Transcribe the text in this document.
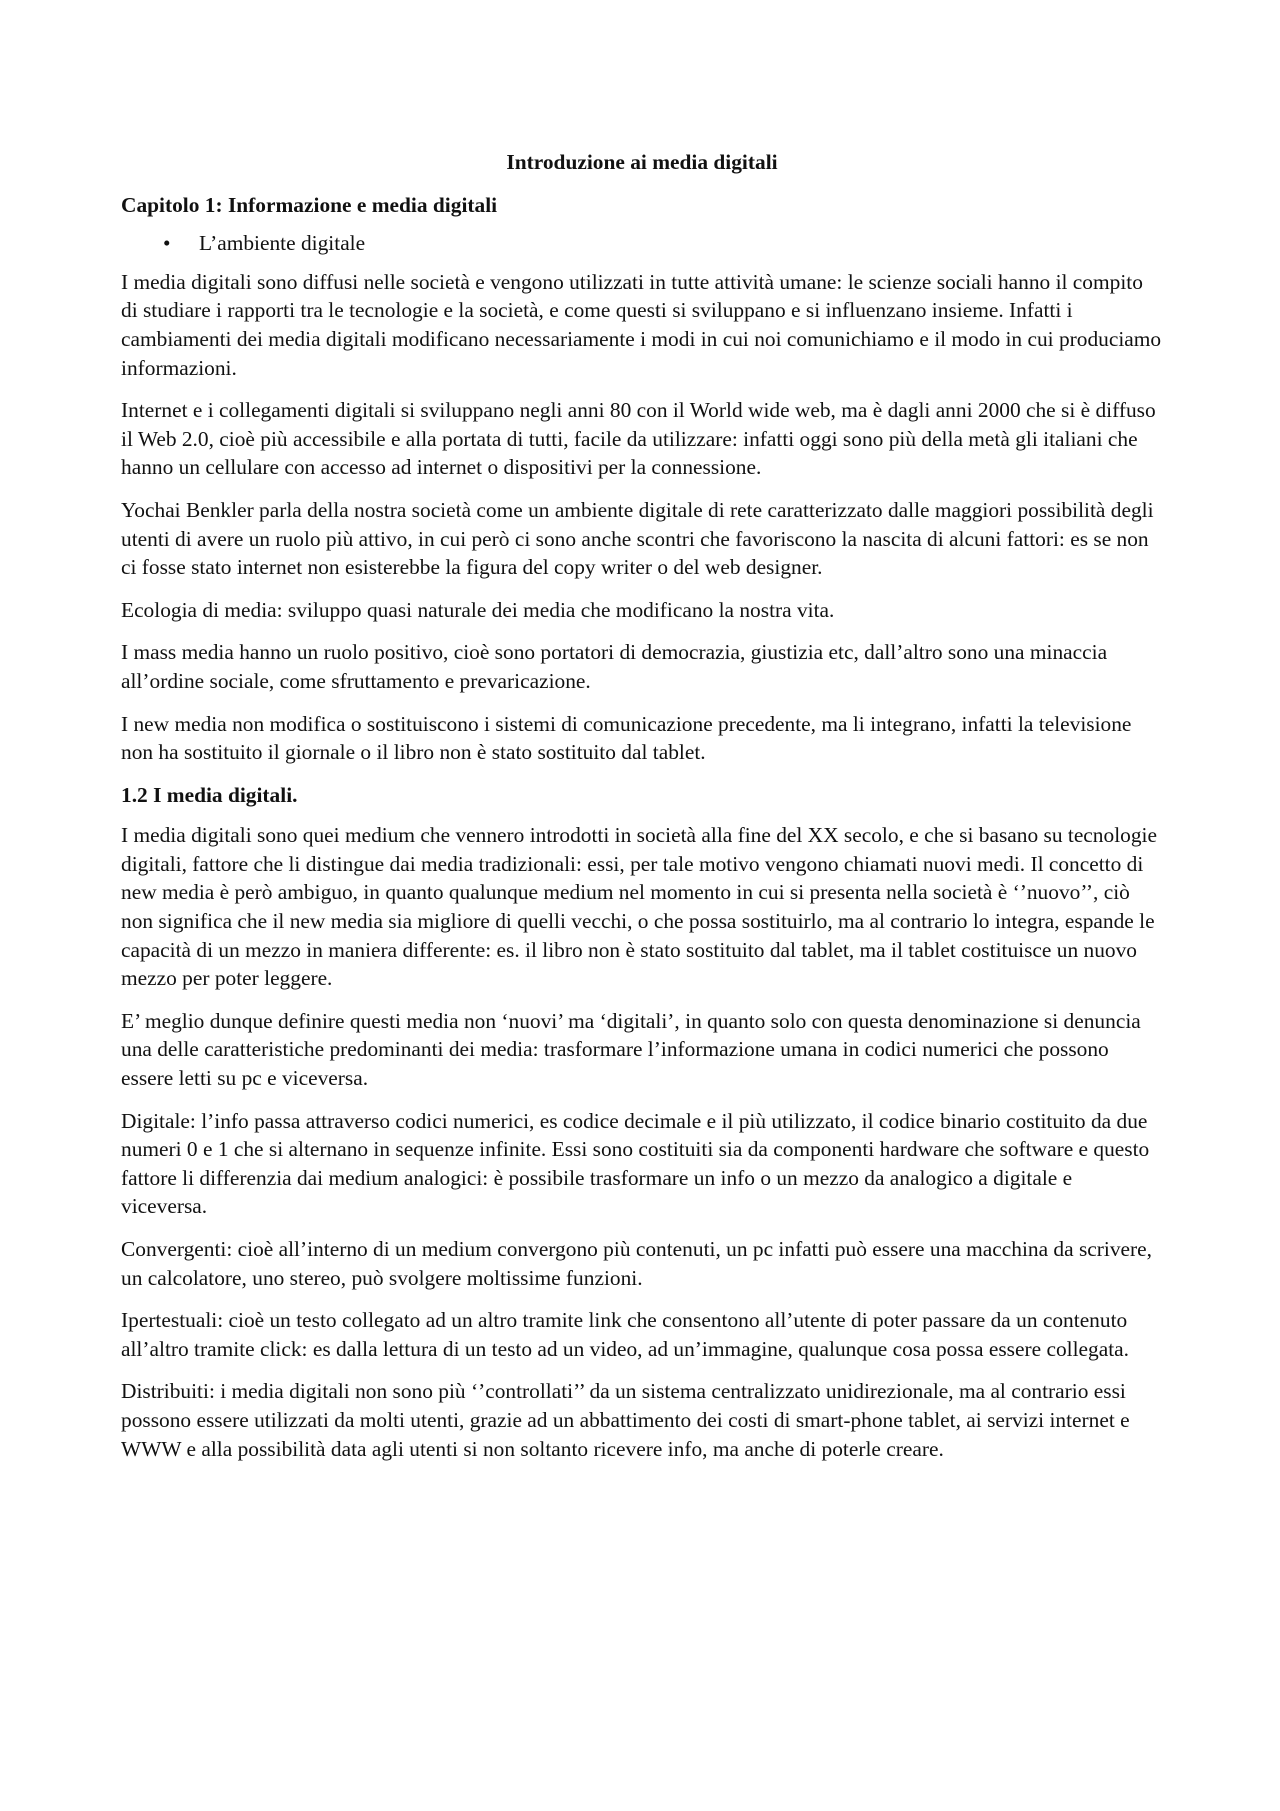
Introduzione ai media digitali

Capitolo 1: Informazione e media digitali

• L’ambiente digitale

I media digitali sono diffusi nelle società e vengono utilizzati in tutte attività umane: le scienze sociali hanno il compito di studiare i rapporti tra le tecnologie e la società, e come questi si sviluppano e si influenzano insieme. Infatti i cambiamenti dei media digitali modificano necessariamente i modi in cui noi comunichiamo e il modo in cui produciamo informazioni.

Internet e i collegamenti digitali si sviluppano negli anni 80 con il World wide web, ma è dagli anni 2000 che si è diffuso il Web 2.0, cioè più accessibile e alla portata di tutti, facile da utilizzare: infatti oggi sono più della metà gli italiani che hanno un cellulare con accesso ad internet o dispositivi per la connessione.

Yochai Benkler parla della nostra società come un ambiente digitale di rete caratterizzato dalle maggiori possibilità degli utenti di avere un ruolo più attivo, in cui però ci sono anche scontri che favoriscono la nascita di alcuni fattori: es se non ci fosse stato internet non esisterebbe la figura del copy writer o del web designer.

Ecologia di media: sviluppo quasi naturale dei media che modificano la nostra vita.

I mass media hanno un ruolo positivo, cioè sono portatori di democrazia, giustizia etc, dall’altro sono una minaccia all’ordine sociale, come sfruttamento e prevaricazione.

I new media non modifica o sostituiscono i sistemi di comunicazione precedente, ma li integrano, infatti la televisione non ha sostituito il giornale o il libro non è stato sostituito dal tablet.

1.2 I media digitali.

I media digitali sono quei medium che vennero introdotti in società alla fine del XX secolo, e che si basano su tecnologie digitali, fattore che li distingue dai media tradizionali: essi, per tale motivo vengono chiamati nuovi medi. Il concetto di new media è però ambiguo, in quanto qualunque medium nel momento in cui si presenta nella società è ‘’nuovo’’, ciò non significa che il new media sia migliore di quelli vecchi, o che possa sostituirlo, ma al contrario lo integra, espande le capacità di un mezzo in maniera differente: es. il libro non è stato sostituito dal tablet, ma il tablet costituisce un nuovo mezzo per poter leggere.

E’ meglio dunque definire questi media non ‘nuovi’ ma ‘digitali’, in quanto solo con questa denominazione si denuncia una delle caratteristiche predominanti dei media: trasformare l’informazione umana in codici numerici che possono essere letti su pc e viceversa.

Digitale: l’info passa attraverso codici numerici, es codice decimale e il più utilizzato, il codice binario costituito da due numeri 0 e 1 che si alternano in sequenze infinite. Essi sono costituiti sia da componenti hardware che software e questo fattore li differenzia dai medium analogici: è possibile trasformare un info o un mezzo da analogico a digitale e viceversa.

Convergenti: cioè all’interno di un medium convergono più contenuti, un pc infatti può essere una macchina da scrivere, un calcolatore, uno stereo, può svolgere moltissime funzioni.

Ipertestuali: cioè un testo collegato ad un altro tramite link che consentono all’utente di poter passare da un contenuto all’altro tramite click: es dalla lettura di un testo ad un video, ad un’immagine, qualunque cosa possa essere collegata.

Distribuiti: i media digitali non sono più ‘’controllati’’ da un sistema centralizzato unidirezionale, ma al contrario essi possono essere utilizzati da molti utenti, grazie ad un abbattimento dei costi di smart-phone tablet, ai servizi internet e WWW e alla possibilità data agli utenti si non soltanto ricevere info, ma anche di poterle creare.
